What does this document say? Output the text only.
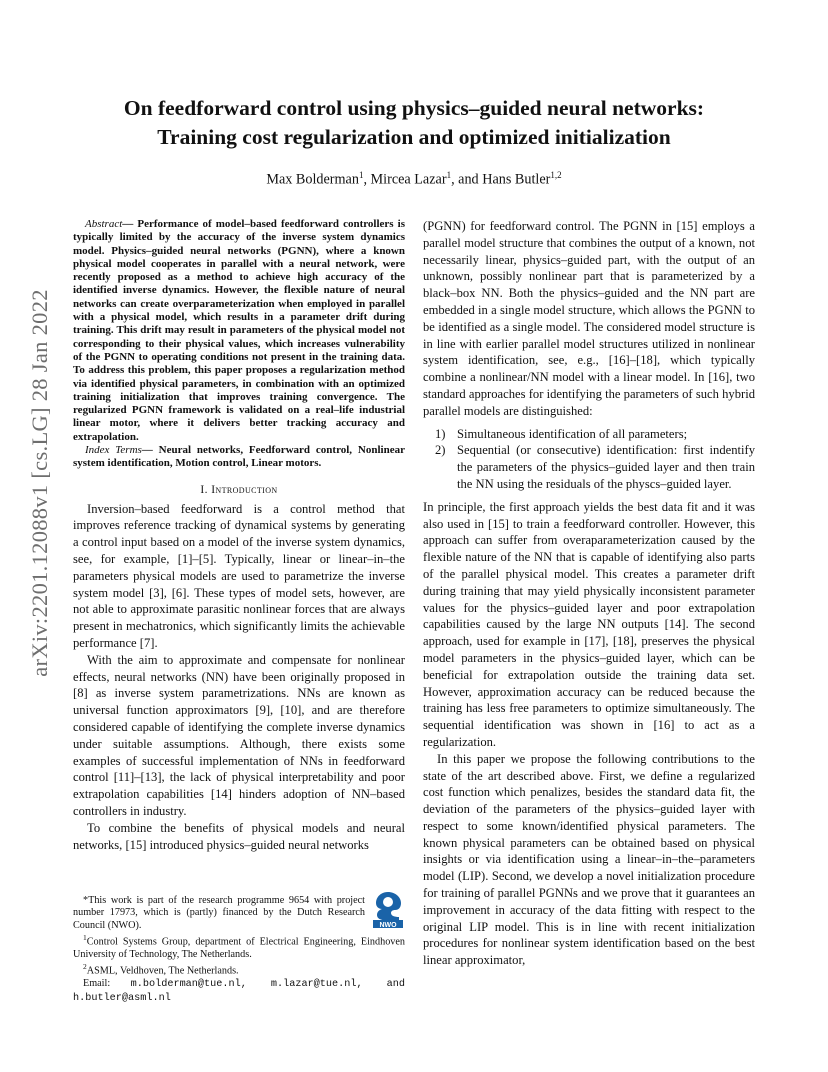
On feedforward control using physics–guided neural networks:
Training cost regularization and optimized initialization
Max Bolderman$^1$, Mircea Lazar$^1$, and Hans Butler$^{1,2}$
arXiv:2201.12088v1 [cs.LG] 28 Jan 2022

Abstract— Performance of model–based feedforward controllers is typically limited by the accuracy of the inverse system dynamics model. Physics–guided neural networks (PGNN), where a known physical model cooperates in parallel with a neural network, were recently proposed as a method to achieve high accuracy of the identified inverse dynamics. However, the flexible nature of neural networks can create overparameterization when employed in parallel with a physical model, which results in a parameter drift during training. This drift may result in parameters of the physical model not corresponding to their physical values, which increases vulnerability of the PGNN to operating conditions not present in the training data. To address this problem, this paper proposes a regularization method via identified physical parameters, in combination with an optimized training initialization that improves training convergence. The regularized PGNN framework is validated on a real–life industrial linear motor, where it delivers better tracking accuracy and extrapolation.

Index Terms— Neural networks, Feedforward control, Nonlinear system identification, Motion control, Linear motors.

I. Introduction

Inversion–based feedforward is a control method that improves reference tracking of dynamical systems by generating a control input based on a model of the inverse system dynamics, see, for example, [1]–[5]. Typically, linear or linear–in–the parameters physical models are used to parametrize the inverse system model [3], [6]. These types of model sets, however, are not able to approximate parasitic nonlinear forces that are always present in mechatronics, which significantly limits the achievable performance [7].

With the aim to approximate and compensate for nonlinear effects, neural networks (NN) have been originally proposed in [8] as inverse system parametrizations. NNs are known as universal function approximators [9], [10], and are therefore considered capable of identifying the complete inverse dynamics under suitable assumptions. Although, there exists some examples of successful implementation of NNs in feedforward control [11]–[13], the lack of physical interpretability and poor extrapolation capabilities [14] hinders adoption of NN–based controllers in industry.

To combine the benefits of physical models and neural networks, [15] introduced physics–guided neural networks

(PGNN) for feedforward control. The PGNN in [15] employs a parallel model structure that combines the output of a known, not necessarily linear, physics–guided part, with the output of an unknown, possibly nonlinear part that is parameterized by a black–box NN. Both the physics–guided and the NN part are embedded in a single model structure, which allows the PGNN to be identified as a single model. The considered model structure is in line with earlier parallel model structures utilized in nonlinear system identification, see, e.g., [16]–[18], which typically combine a nonlinear/NN model with a linear model. In [16], two standard approaches for identifying the parameters of such hybrid parallel models are distinguished:

1) Simultaneous identification of all parameters;
2) Sequential (or consecutive) identification: first indentify the parameters of the physics–guided layer and then train the NN using the residuals of the physcs–guided layer.

In principle, the first approach yields the best data fit and it was also used in [15] to train a feedforward controller. However, this approach can suffer from overaparameterization caused by the flexible nature of the NN that is capable of identifying also parts of the parallel physical model. This creates a parameter drift during training that may yield physically inconsistent parameter values for the physics–guided layer and poor extrapolation capabilities caused by the large NN outputs [14]. The second approach, used for example in [17], [18], preserves the physical model parameters in the physics–guided layer, which can be beneficial for extrapolation outside the training data set. However, approximation accuracy can be reduced because the training has less free parameters to optimize simultaneously. The sequential identification was shown in [16] to act as a regularization.

In this paper we propose the following contributions to the state of the art described above. First, we define a regularized cost function which penalizes, besides the standard data fit, the deviation of the parameters of the physics–guided layer with respect to some known/identified physical parameters. The known physical parameters can be obtained based on physical insights or via identification using a linear–in–the–parameters model (LIP). Second, we develop a novel initialization procedure for training of parallel PGNNs and we prove that it guarantees an improvement in accuracy of the data fitting with respect to the original LIP model. This is in line with recent initialization procedures for nonlinear system identification based on the best linear approximator,

*This work is part of the research programme 9654 with project number 17973, which is (partly) financed by the Dutch Research Council (NWO).

$^1$Control Systems Group, department of Electrical Engineering, Eindhoven University of Technology, The Netherlands.

$^2$ASML, Veldhoven, The Netherlands.

Email: m.bolderman@tue.nl, m.lazar@tue.nl, and h.butler@asml.nl

NWO
